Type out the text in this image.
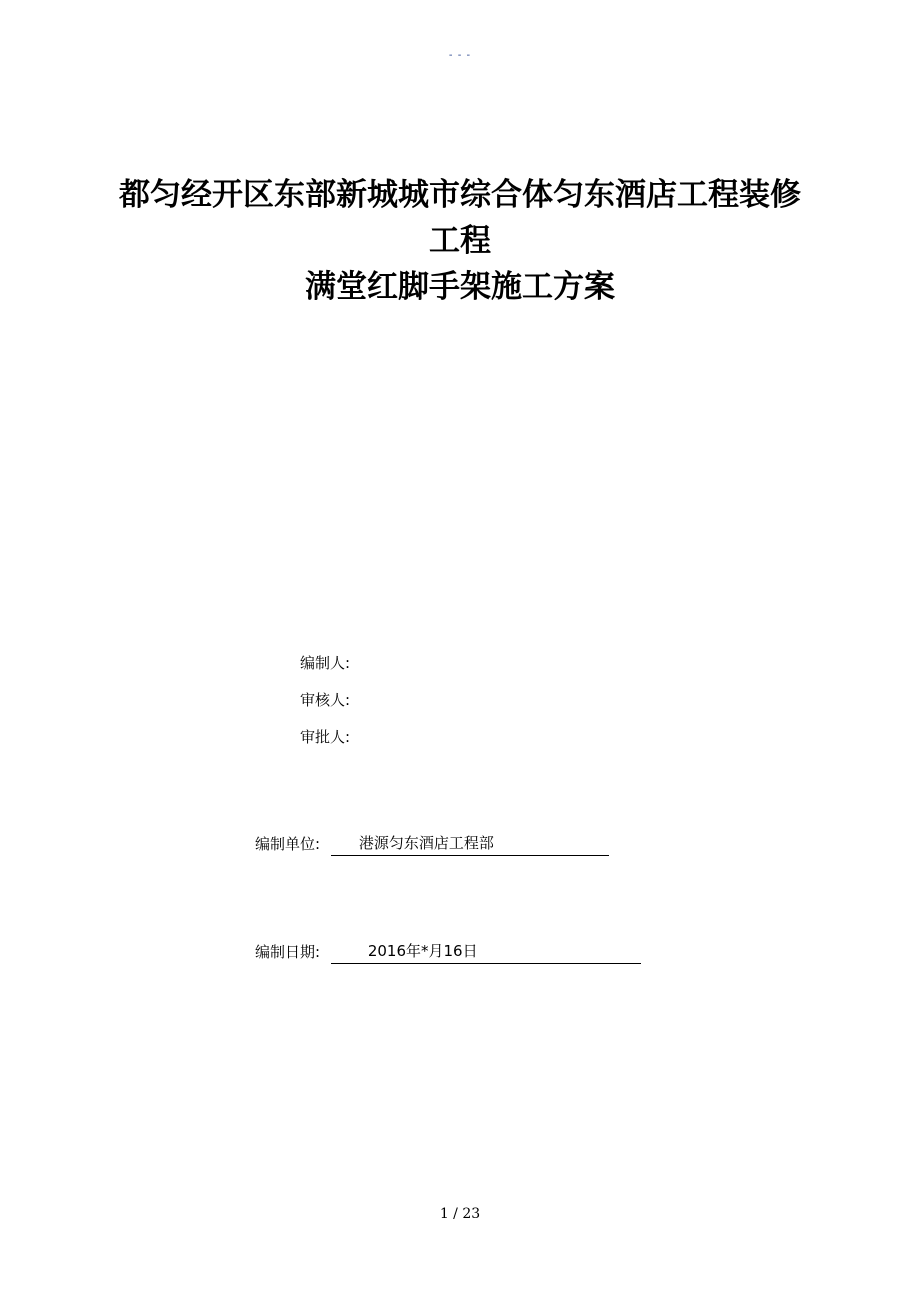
- - -
都匀经开区东部新城城市综合体匀东酒店工程装修
工程
满堂红脚手架施工方案
编制人:
审核人:
审批人:
编制单位:	港源匀东酒店工程部
编制日期:	2016年*月16日
1 / 23
